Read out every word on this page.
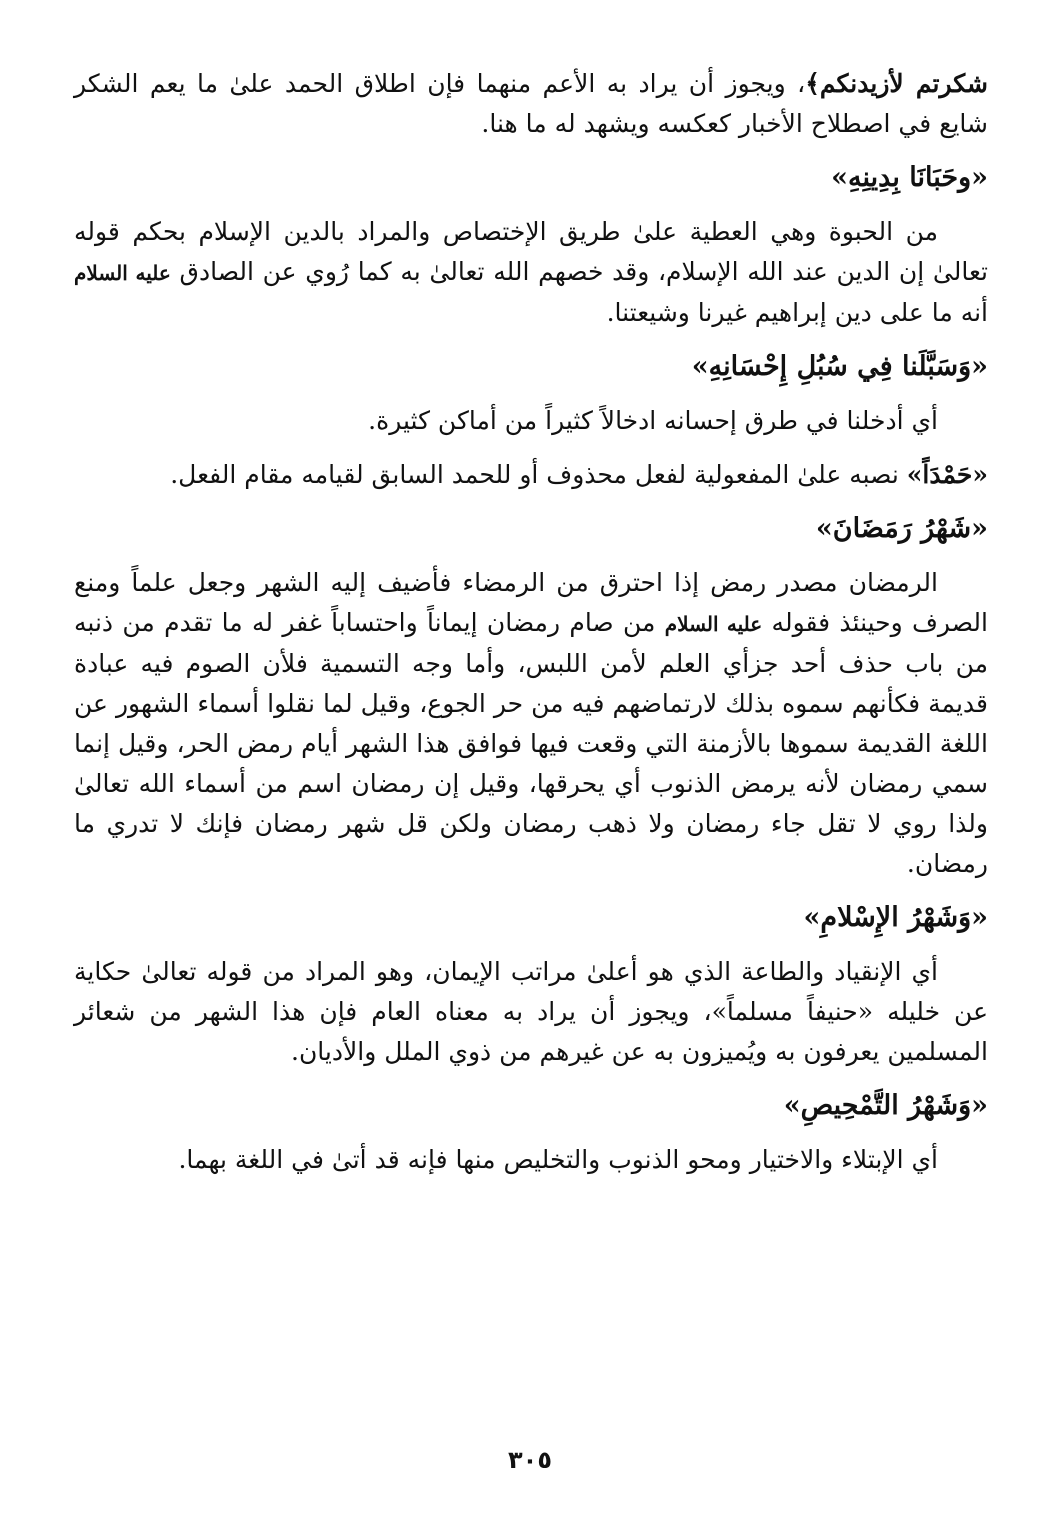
شكرتم لأزيدنكم﴾، ويجوز أن يراد به الأعم منهما فإن اطلاق الحمد علىٰ ما يعم الشكر شايع في اصطلاح الأخبار كعكسه ويشهد له ما هنا.

«وحَبَانَا بِدِينِهِ»

من الحبوة وهي العطية علىٰ طريق الإختصاص والمراد بالدين الإسلام بحكم قوله تعالىٰ إن الدين عند الله الإسلام، وقد خصهم الله تعالىٰ به كما رُوي عن الصادق عليه السلام أنه ما على دين إبراهيم غيرنا وشيعتنا.

«وَسَبَّلَنا فِي سُبُلِ إِحْسَانِهِ»

أي أدخلنا في طرق إحسانه ادخالاً كثيراً من أماكن كثيرة.

«حَمْدَاً» نصبه علىٰ المفعولية لفعل محذوف أو للحمد السابق لقيامه مقام الفعل.

«شَهْرُ رَمَضَانَ»

الرمضان مصدر رمض إذا احترق من الرمضاء فأضيف إليه الشهر وجعل علماً ومنع الصرف وحينئذ فقوله عليه السلام من صام رمضان إيماناً واحتساباً غفر له ما تقدم من ذنبه من باب حذف أحد جزأي العلم لأمن اللبس، وأما وجه التسمية فلأن الصوم فيه عبادة قديمة فكأنهم سموه بذلك لارتماضهم فيه من حر الجوع، وقيل لما نقلوا أسماء الشهور عن اللغة القديمة سموها بالأزمنة التي وقعت فيها فوافق هذا الشهر أيام رمض الحر، وقيل إنما سمي رمضان لأنه يرمض الذنوب أي يحرقها، وقيل إن رمضان اسم من أسماء الله تعالىٰ ولذا روي لا تقل جاء رمضان ولا ذهب رمضان ولكن قل شهر رمضان فإنك لا تدري ما رمضان.

«وَشَهْرُ الإِسْلامِ»

أي الإنقياد والطاعة الذي هو أعلىٰ مراتب الإيمان، وهو المراد من قوله تعالىٰ حكاية عن خليله «حنيفاً مسلماً»، ويجوز أن يراد به معناه العام فإن هذا الشهر من شعائر المسلمين يعرفون به ويُميزون به عن غيرهم من ذوي الملل والأديان.

«وَشَهْرُ التَّمْحِيصِ»

أي الإبتلاء والاختيار ومحو الذنوب والتخليص منها فإنه قد أتىٰ في اللغة بهما.

٣٠٥
